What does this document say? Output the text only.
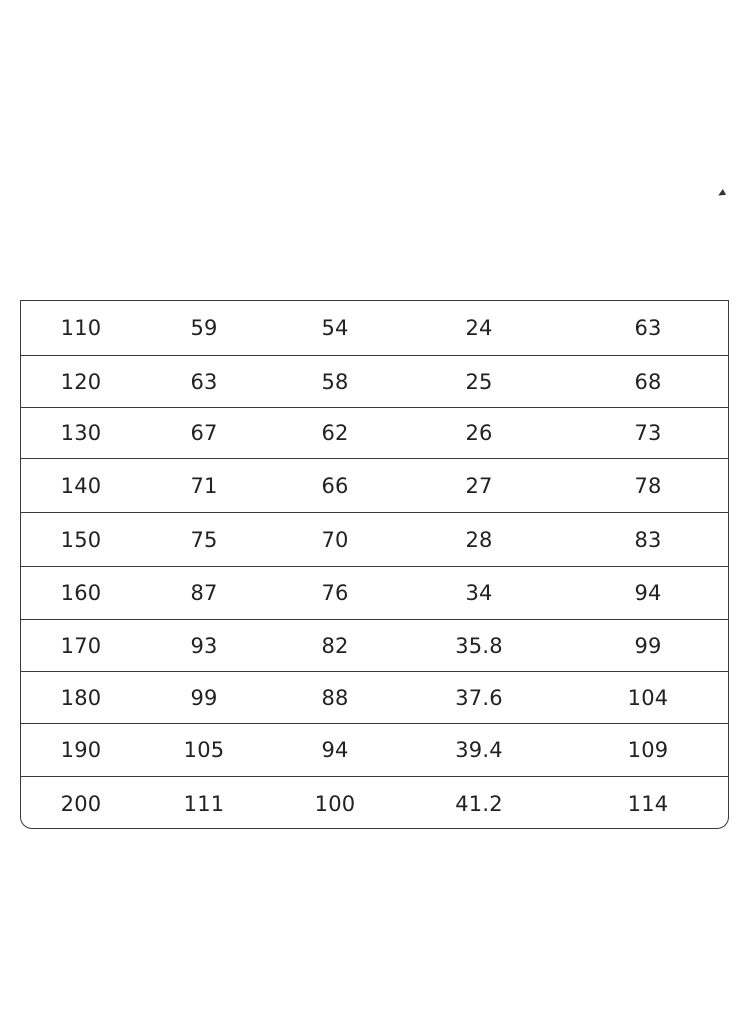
110	59	54	24	63
120	63	58	25	68
130	67	62	26	73
140	71	66	27	78
150	75	70	28	83
160	87	76	34	94
170	93	82	35.8	99
180	99	88	37.6	104
190	105	94	39.4	109
200	111	100	41.2	114
